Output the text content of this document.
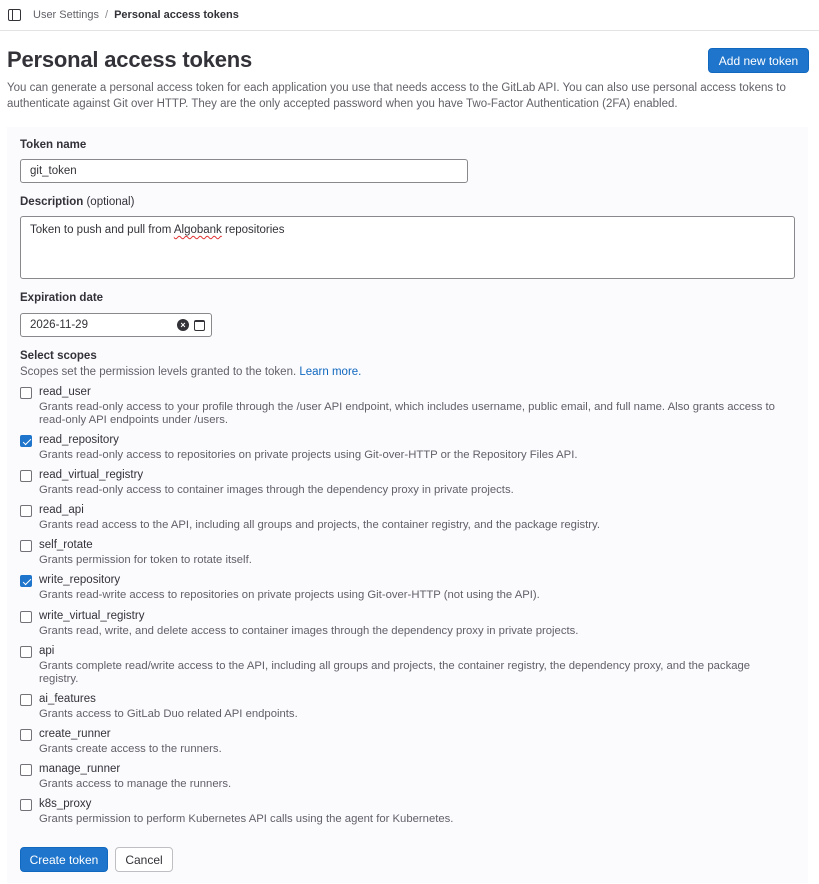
User Settings / Personal access tokens
Personal access tokens	Add new token
You can generate a personal access token for each application you use that needs access to the GitLab API. You can also use personal access tokens to authenticate against Git over HTTP. They are the only accepted password when you have Two-Factor Authentication (2FA) enabled.
Token name
git_token
Description (optional)
Token to push and pull from Algobank repositories
Expiration date
2026-11-29	×
Select scopes
Scopes set the permission levels granted to the token. Learn more.
read_user
Grants read-only access to your profile through the /user API endpoint, which includes username, public email, and full name. Also grants access to read-only API endpoints under /users.
read_repository
Grants read-only access to repositories on private projects using Git-over-HTTP or the Repository Files API.
read_virtual_registry
Grants read-only access to container images through the dependency proxy in private projects.
read_api
Grants read access to the API, including all groups and projects, the container registry, and the package registry.
self_rotate
Grants permission for token to rotate itself.
write_repository
Grants read-write access to repositories on private projects using Git-over-HTTP (not using the API).
write_virtual_registry
Grants read, write, and delete access to container images through the dependency proxy in private projects.
api
Grants complete read/write access to the API, including all groups and projects, the container registry, the dependency proxy, and the package registry.
ai_features
Grants access to GitLab Duo related API endpoints.
create_runner
Grants create access to the runners.
manage_runner
Grants access to manage the runners.
k8s_proxy
Grants permission to perform Kubernetes API calls using the agent for Kubernetes.
Create token	Cancel
